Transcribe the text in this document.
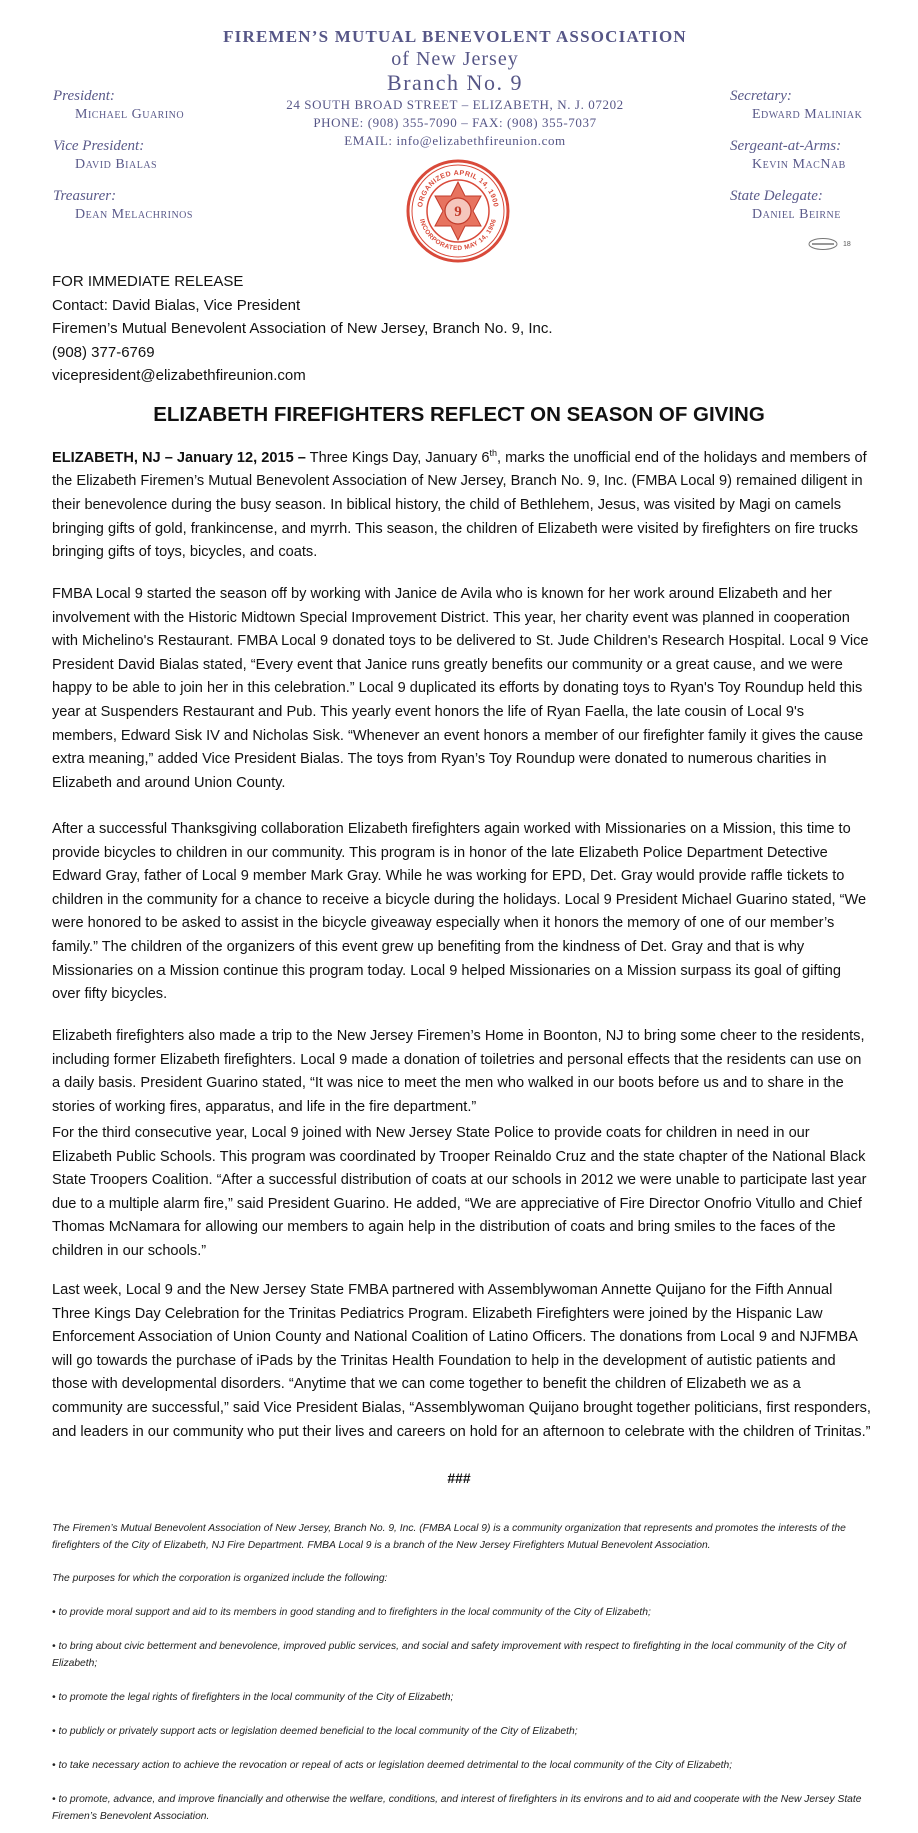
FIREMEN’S MUTUAL BENEVOLENT ASSOCIATION
of New Jersey
Branch No. 9
24 SOUTH BROAD STREET – ELIZABETH, N. J. 07202
PHONE: (908) 355-7090 – FAX: (908) 355-7037
EMAIL: info@elizabethfireunion.com
President:
Michael Guarino
Vice President:
David Bialas
Treasurer:
Dean Melachrinos
Secretary:
Edward Maliniak
Sergeant-at-Arms:
Kevin MacNab
State Delegate:
Daniel Beirne
ORGANIZED APRIL 14, 1900
INCORPORATED MAY 14, 1906
9
18
FOR IMMEDIATE RELEASE
Contact: David Bialas, Vice President
Firemen’s Mutual Benevolent Association of New Jersey, Branch No. 9, Inc.
(908) 377-6769
vicepresident@elizabethfireunion.com
ELIZABETH FIREFIGHTERS REFLECT ON SEASON OF GIVING

ELIZABETH, NJ – January 12, 2015 – Three Kings Day, January 6th, marks the unofficial end of the holidays and members of the Elizabeth Firemen’s Mutual Benevolent Association of New Jersey, Branch No. 9, Inc. (FMBA Local 9) remained diligent in their benevolence during the busy season. In biblical history, the child of Bethlehem, Jesus, was visited by Magi on camels bringing gifts of gold, frankincense, and myrrh. This season, the children of Elizabeth were visited by firefighters on fire trucks bringing gifts of toys, bicycles, and coats.

FMBA Local 9 started the season off by working with Janice de Avila who is known for her work around Elizabeth and her involvement with the Historic Midtown Special Improvement District. This year, her charity event was planned in cooperation with Michelino's Restaurant. FMBA Local 9 donated toys to be delivered to St. Jude Children's Research Hospital. Local 9 Vice President David Bialas stated, “Every event that Janice runs greatly benefits our community or a great cause, and we were happy to be able to join her in this celebration.” Local 9 duplicated its efforts by donating toys to Ryan's Toy Roundup held this year at Suspenders Restaurant and Pub. This yearly event honors the life of Ryan Faella, the late cousin of Local 9's members, Edward Sisk IV and Nicholas Sisk. “Whenever an event honors a member of our firefighter family it gives the cause extra meaning,” added Vice President Bialas. The toys from Ryan’s Toy Roundup were donated to numerous charities in Elizabeth and around Union County.
After a successful Thanksgiving collaboration Elizabeth firefighters again worked with Missionaries on a Mission, this time to provide bicycles to children in our community. This program is in honor of the late Elizabeth Police Department Detective Edward Gray, father of Local 9 member Mark Gray. While he was working for EPD, Det. Gray would provide raffle tickets to children in the community for a chance to receive a bicycle during the holidays. Local 9 President Michael Guarino stated, “We were honored to be asked to assist in the bicycle giveaway especially when it honors the memory of one of our member’s family.” The children of the organizers of this event grew up benefiting from the kindness of Det. Gray and that is why Missionaries on a Mission continue this program today. Local 9 helped Missionaries on a Mission surpass its goal of gifting over fifty bicycles.
Elizabeth firefighters also made a trip to the New Jersey Firemen’s Home in Boonton, NJ to bring some cheer to the residents, including former Elizabeth firefighters. Local 9 made a donation of toiletries and personal effects that the residents can use on a daily basis. President Guarino stated, “It was nice to meet the men who walked in our boots before us and to share in the stories of working fires, apparatus, and life in the fire department.”
For the third consecutive year, Local 9 joined with New Jersey State Police to provide coats for children in need in our Elizabeth Public Schools. This program was coordinated by Trooper Reinaldo Cruz and the state chapter of the National Black State Troopers Coalition. “After a successful distribution of coats at our schools in 2012 we were unable to participate last year due to a multiple alarm fire,” said President Guarino. He added, “We are appreciative of Fire Director Onofrio Vitullo and Chief Thomas McNamara for allowing our members to again help in the distribution of coats and bring smiles to the faces of the children in our schools.”
Last week, Local 9 and the New Jersey State FMBA partnered with Assemblywoman Annette Quijano for the Fifth Annual Three Kings Day Celebration for the Trinitas Pediatrics Program. Elizabeth Firefighters were joined by the Hispanic Law Enforcement Association of Union County and National Coalition of Latino Officers. The donations from Local 9 and NJFMBA will go towards the purchase of iPads by the Trinitas Health Foundation to help in the development of autistic patients and those with developmental disorders. “Anytime that we can come together to benefit the children of Elizabeth we as a community are successful,” said Vice President Bialas, “Assemblywoman Quijano brought together politicians, first responders, and leaders in our community who put their lives and careers on hold for an afternoon to celebrate with the children of Trinitas.”
###
The Firemen’s Mutual Benevolent Association of New Jersey, Branch No. 9, Inc. (FMBA Local 9) is a community organization that represents and promotes the interests of the firefighters of the City of Elizabeth, NJ Fire Department. FMBA Local 9 is a branch of the New Jersey Firefighters Mutual Benevolent Association.
The purposes for which the corporation is organized include the following:
• to provide moral support and aid to its members in good standing and to firefighters in the local community of the City of Elizabeth;
• to bring about civic betterment and benevolence, improved public services, and social and safety improvement with respect to firefighting in the local community of the City of Elizabeth;
• to promote the legal rights of firefighters in the local community of the City of Elizabeth;
• to publicly or privately support acts or legislation deemed beneficial to the local community of the City of Elizabeth;
• to take necessary action to achieve the revocation or repeal of acts or legislation deemed detrimental to the local community of the City of Elizabeth;
• to promote, advance, and improve financially and otherwise the welfare, conditions, and interest of firefighters in its environs and to aid and cooperate with the New Jersey State Firemen’s Benevolent Association.
